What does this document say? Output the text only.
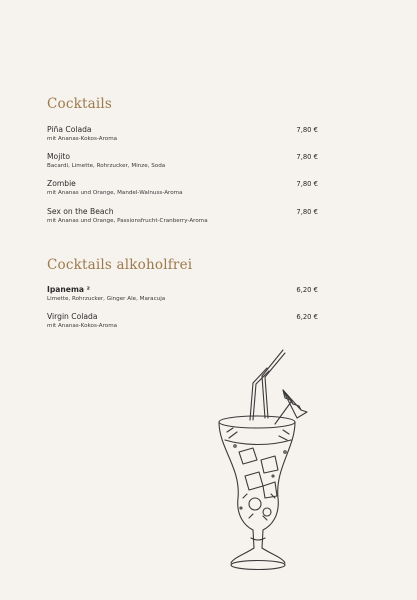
Cocktails
Piña Colada
mit Ananas-Kokos-Aroma
7,80 €
Mojito
Bacardi, Limette, Rohrzucker, Minze, Soda
7,80 €
Zombie
mit Ananas und Orange, Mandel-Walnuss-Aroma
7,80 €
Sex on the Beach
mit Ananas und Orange, Passionsfrucht-Cranberry-Aroma
7,80 €
Cocktails alkoholfrei
Ipanema ²
Limette, Rohrzucker, Ginger Ale, Maracuja
6,20 €
Virgin Colada
mit Ananas-Kokos-Aroma
6,20 €
